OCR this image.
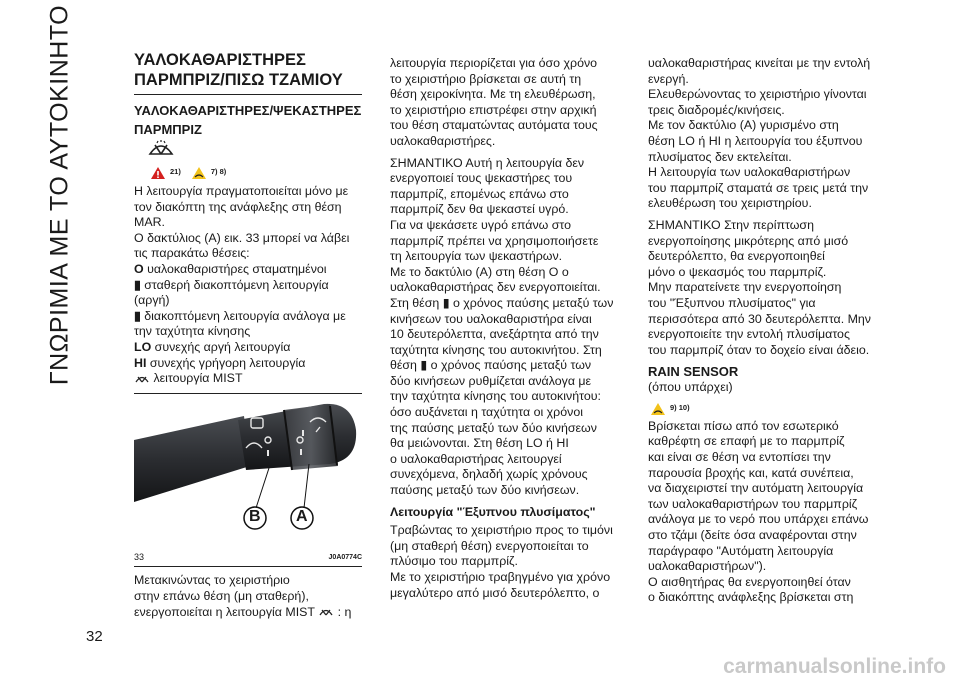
ΓΝΩΡΙΜΙΑ ΜΕ ΤΟ ΑΥΤΟΚΙΝΗΤΟ
32
ΥΑΛΟΚΑΘΑΡΙΣΤΗΡΕΣ
ΠΑΡΜΠΡΙΖ/ΠΙΣΩ ΤΖΑΜΙΟΥ
ΥΑΛΟΚΑΘΑΡΙΣΤΗΡΕΣ/ΨΕΚΑΣΤΗΡΕΣ
ΠΑΡΜΠΡΙΖ
21)	7) 8)

Η λειτουργία πραγματοποιείται μόνο με

τον διακόπτη της ανάφλεξης στη θέση

MAR.

Ο δακτύλιος (A) εικ. 33 μπορεί να λάβει

τις παρακάτω θέσεις:

O υαλοκαθαριστήρες σταματημένοι

▮ σταθερή διακοπτόμενη λειτουργία

(αργή)

▮ διακοπτόμενη λειτουργία ανάλογα με

την ταχύτητα κίνησης

LO συνεχής αργή λειτουργία

HI συνεχής γρήγορη λειτουργία

λειτουργία MIST

B A
33	J0A0774C

Μετακινώντας το χειριστήριο

στην επάνω θέση (μη σταθερή),

ενεργοποιείται η λειτουργία MIST : η

λειτουργία περιορίζεται για όσο χρόνο

το χειριστήριο βρίσκεται σε αυτή τη

θέση χειροκίνητα. Με τη ελευθέρωση,

το χειριστήριο επιστρέφει στην αρχική

του θέση σταματώντας αυτόματα τους

υαλοκαθαριστήρες.

ΣΗΜΑΝΤΙΚΟ Αυτή η λειτουργία δεν

ενεργοποιεί τους ψεκαστήρες του

παρμπρίζ, επομένως επάνω στο

παρμπρίζ δεν θα ψεκαστεί υγρό.

Για να ψεκάσετε υγρό επάνω στο

παρμπρίζ πρέπει να χρησιμοποιήσετε

τη λειτουργία των ψεκαστήρων.

Με το δακτύλιο (A) στη θέση Ο ο

υαλοκαθαριστήρας δεν ενεργοποιείται.

Στη θέση ▮ ο χρόνος παύσης μεταξύ των

κινήσεων του υαλοκαθαριστήρα είναι

10 δευτερόλεπτα, ανεξάρτητα από την

ταχύτητα κίνησης του αυτοκινήτου. Στη

θέση ▮ ο χρόνος παύσης μεταξύ των

δύο κινήσεων ρυθμίζεται ανάλογα με

την ταχύτητα κίνησης του αυτοκινήτου:

όσο αυξάνεται η ταχύτητα οι χρόνοι

της παύσης μεταξύ των δύο κινήσεων

θα μειώνονται. Στη θέση LO ή HI

ο υαλοκαθαριστήρας λειτουργεί

συνεχόμενα, δηλαδή χωρίς χρόνους

παύσης μεταξύ των δύο κινήσεων.

Λειτουργία "Έξυπνου πλυσίματος"

Τραβώντας το χειριστήριο προς το τιμόνι

(μη σταθερή θέση) ενεργοποιείται το

πλύσιμο του παρμπρίζ.

Με το χειριστήριο τραβηγμένο για χρόνο

μεγαλύτερο από μισό δευτερόλεπτο, ο

υαλοκαθαριστήρας κινείται με την εντολή

ενεργή.

Ελευθερώνοντας το χειριστήριο γίνονται

τρεις διαδρομές/κινήσεις.

Με τον δακτύλιο (A) γυρισμένο στη

θέση LO ή HI η λειτουργία του έξυπνου

πλυσίματος δεν εκτελείται.

Η λειτουργία των υαλοκαθαριστήρων

του παρμπρίζ σταματά σε τρεις μετά την

ελευθέρωση του χειριστηρίου.

ΣΗΜΑΝΤΙΚΟ Στην περίπτωση

ενεργοποίησης μικρότερης από μισό

δευτερόλεπτο, θα ενεργοποιηθεί

μόνο ο ψεκασμός του παρμπρίζ.

Μην παρατείνετε την ενεργοποίηση

του "Έξυπνου πλυσίματος" για

περισσότερα από 30 δευτερόλεπτα. Μην

ενεργοποιείτε την εντολή πλυσίματος

του παρμπρίζ όταν το δοχείο είναι άδειο.

RAIN SENSOR
(όπου υπάρχει)
9) 10)

Βρίσκεται πίσω από τον εσωτερικό

καθρέφτη σε επαφή με το παρμπρίζ

και είναι σε θέση να εντοπίσει την

παρουσία βροχής και, κατά συνέπεια,

να διαχειριστεί την αυτόματη λειτουργία

των υαλοκαθαριστήρων του παρμπρίζ

ανάλογα με το νερό που υπάρχει επάνω

στο τζάμι (δείτε όσα αναφέρονται στην

παράγραφο "Αυτόματη λειτουργία

υαλοκαθαριστήρων").

Ο αισθητήρας θα ενεργοποιηθεί όταν

ο διακόπτης ανάφλεξης βρίσκεται στη

carmanualsonline.info
